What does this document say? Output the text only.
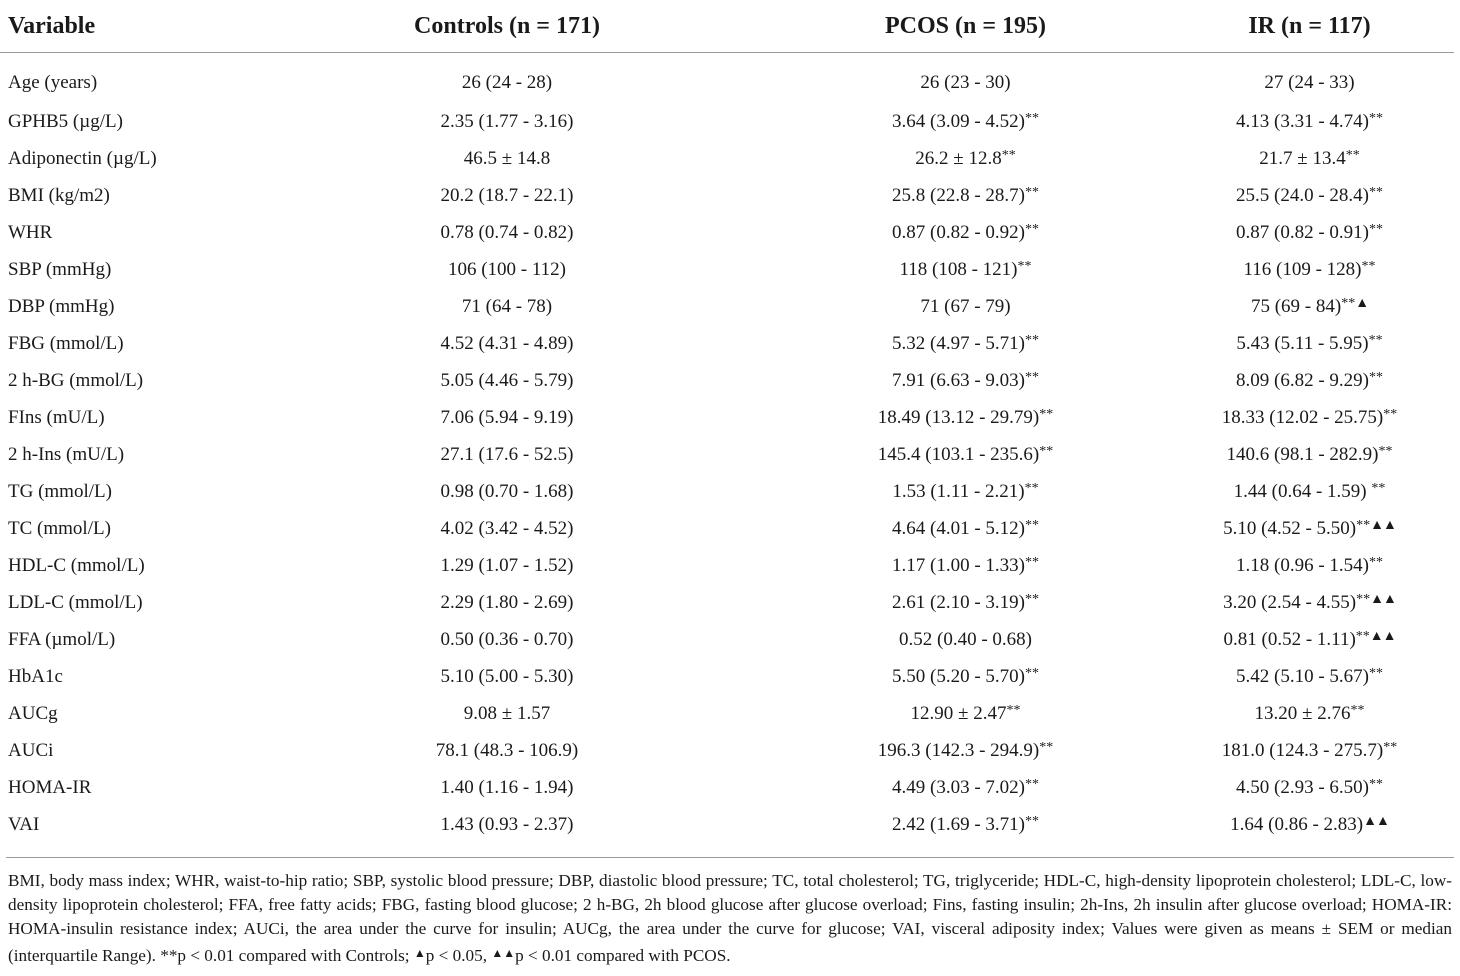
Variable	Controls (n = 171)	PCOS (n = 195)	IR (n = 117)
Age (years)	26 (24 - 28)	26 (23 - 30)	27 (24 - 33)
GPHB5 (µg/L)	2.35 (1.77 - 3.16)	3.64 (3.09 - 4.52)**	4.13 (3.31 - 4.74)**
Adiponectin (µg/L)	46.5 ± 14.8	26.2 ± 12.8**	21.7 ± 13.4**
BMI (kg/m2)	20.2 (18.7 - 22.1)	25.8 (22.8 - 28.7)**	25.5 (24.0 - 28.4)**
WHR	0.78 (0.74 - 0.82)	0.87 (0.82 - 0.92)**	0.87 (0.82 - 0.91)**
SBP (mmHg)	106 (100 - 112)	118 (108 - 121)**	116 (109 - 128)**
DBP (mmHg)	71 (64 - 78)	71 (67 - 79)	75 (69 - 84)**▲
FBG (mmol/L)	4.52 (4.31 - 4.89)	5.32 (4.97 - 5.71)**	5.43 (5.11 - 5.95)**
2 h-BG (mmol/L)	5.05 (4.46 - 5.79)	7.91 (6.63 - 9.03)**	8.09 (6.82 - 9.29)**
FIns (mU/L)	7.06 (5.94 - 9.19)	18.49 (13.12 - 29.79)**	18.33 (12.02 - 25.75)**
2 h-Ins (mU/L)	27.1 (17.6 - 52.5)	145.4 (103.1 - 235.6)**	140.6 (98.1 - 282.9)**
TG (mmol/L)	0.98 (0.70 - 1.68)	1.53 (1.11 - 2.21)**	1.44 (0.64 - 1.59) **
TC (mmol/L)	4.02 (3.42 - 4.52)	4.64 (4.01 - 5.12)**	5.10 (4.52 - 5.50)**▲▲
HDL-C (mmol/L)	1.29 (1.07 - 1.52)	1.17 (1.00 - 1.33)**	1.18 (0.96 - 1.54)**
LDL-C (mmol/L)	2.29 (1.80 - 2.69)	2.61 (2.10 - 3.19)**	3.20 (2.54 - 4.55)**▲▲
FFA (µmol/L)	0.50 (0.36 - 0.70)	0.52 (0.40 - 0.68)	0.81 (0.52 - 1.11)**▲▲
HbA1c	5.10 (5.00 - 5.30)	5.50 (5.20 - 5.70)**	5.42 (5.10 - 5.67)**
AUCg	9.08 ± 1.57	12.90 ± 2.47**	13.20 ± 2.76**
AUCi	78.1 (48.3 - 106.9)	196.3 (142.3 - 294.9)**	181.0 (124.3 - 275.7)**
HOMA-IR	1.40 (1.16 - 1.94)	4.49 (3.03 - 7.02)**	4.50 (2.93 - 6.50)**
VAI	1.43 (0.93 - 2.37)	2.42 (1.69 - 3.71)**	1.64 (0.86 - 2.83)▲▲
BMI, body mass index; WHR, waist-to-hip ratio; SBP, systolic blood pressure; DBP, diastolic blood pressure; TC, total cholesterol; TG, triglyceride; HDL-C, high-density lipoprotein cholesterol; LDL-C, low-density lipoprotein cholesterol; FFA, free fatty acids; FBG, fasting blood glucose; 2 h-BG, 2h blood glucose after glucose overload; Fins, fasting insulin; 2h-Ins, 2h insulin after glucose overload; HOMA-IR: HOMA-insulin resistance index; AUCi, the area under the curve for insulin; AUCg, the area under the curve for glucose; VAI, visceral adiposity index; Values were given as means ± SEM or median (interquartile Range). **p < 0.01 compared with Controls; ▲p < 0.05, ▲▲p < 0.01 compared with PCOS.
